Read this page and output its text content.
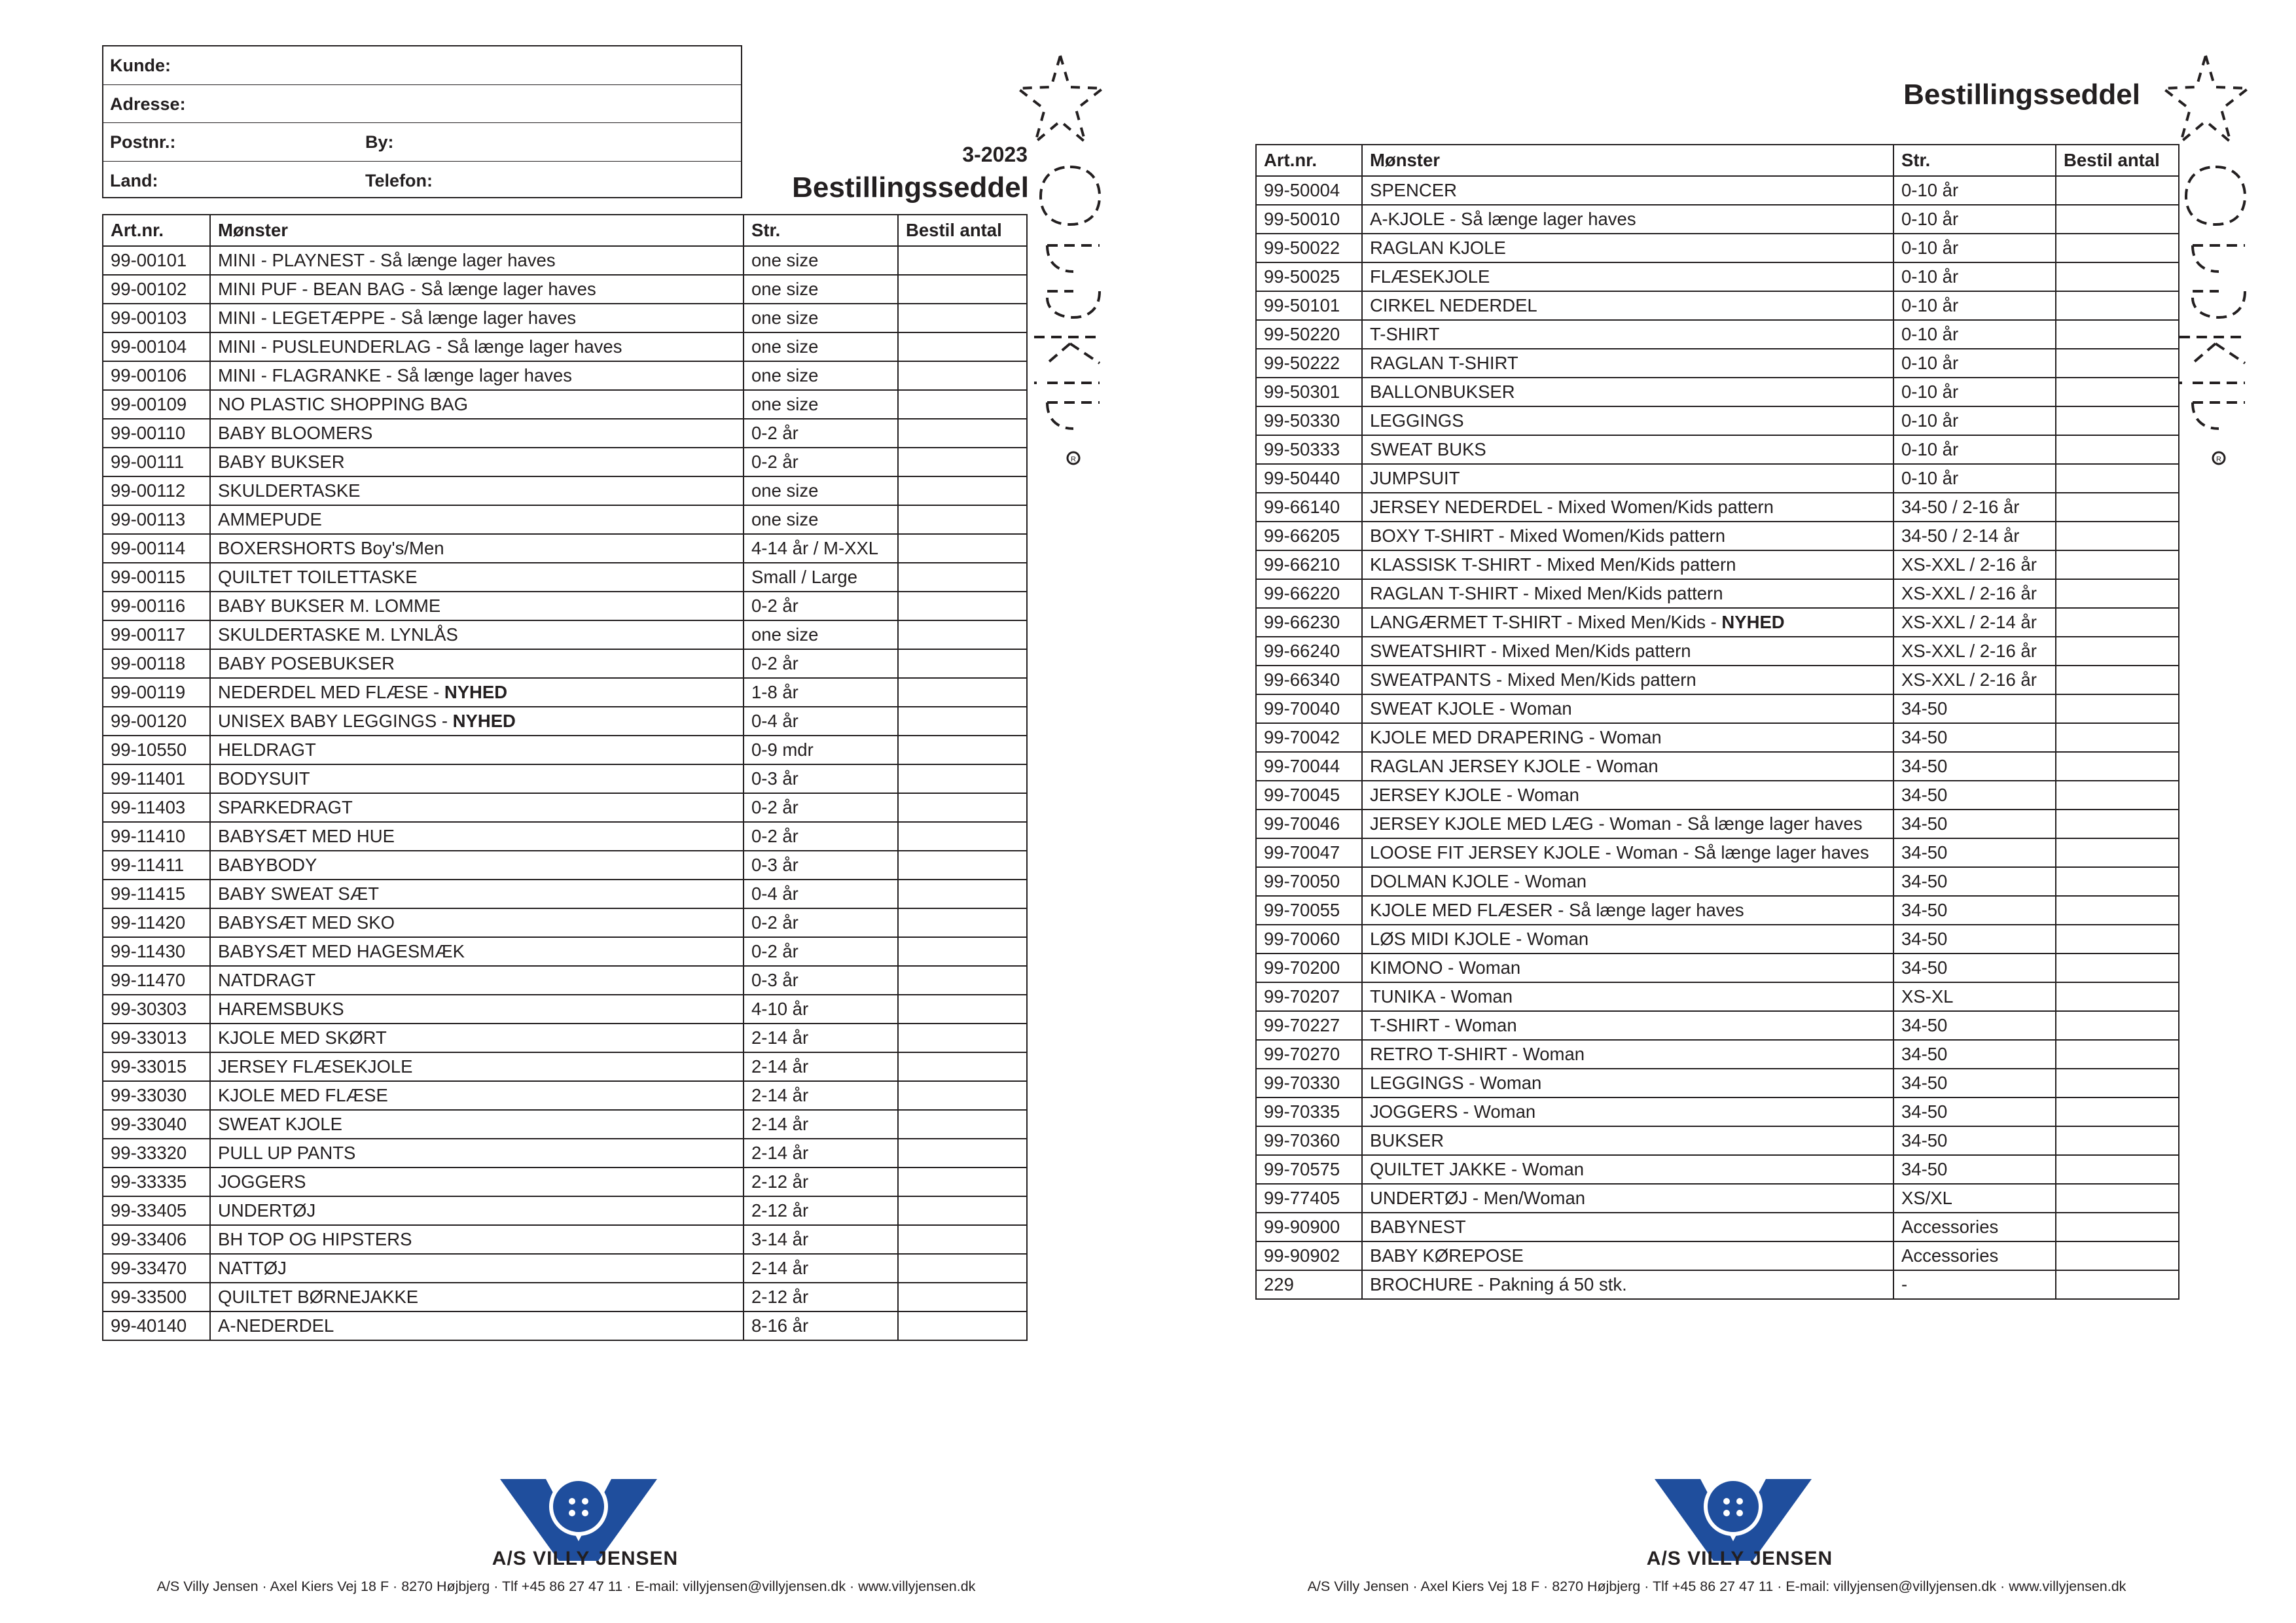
Kunde:
Adresse:
Postnr.:	By:
Land:	Telefon:
3-2023
Bestillingsseddel
R
Art.nr.	Mønster	Str.	Bestil antal
99-00101	MINI - PLAYNEST - Så længe lager haves	one size	
99-00102	MINI PUF - BEAN BAG - Så længe lager haves	one size	
99-00103	MINI - LEGETÆPPE - Så længe lager haves	one size	
99-00104	MINI - PUSLEUNDERLAG - Så længe lager haves	one size	
99-00106	MINI - FLAGRANKE - Så længe lager haves	one size	
99-00109	NO PLASTIC SHOPPING BAG	one size	
99-00110	BABY BLOOMERS	0-2 år	
99-00111	BABY BUKSER	0-2 år	
99-00112	SKULDERTASKE	one size	
99-00113	AMMEPUDE	one size	
99-00114	BOXERSHORTS Boy's/Men	4-14 år / M-XXL	
99-00115	QUILTET TOILETTASKE	Small / Large	
99-00116	BABY BUKSER M. LOMME	0-2 år	
99-00117	SKULDERTASKE M. LYNLÅS	one size	
99-00118	BABY POSEBUKSER	0-2 år	
99-00119	NEDERDEL MED FLÆSE - NYHED	1-8 år	
99-00120	UNISEX BABY LEGGINGS - NYHED	0-4 år	
99-10550	HELDRAGT	0-9 mdr	
99-11401	BODYSUIT	0-3 år	
99-11403	SPARKEDRAGT	0-2 år	
99-11410	BABYSÆT MED HUE	0-2 år	
99-11411	BABYBODY	0-3 år	
99-11415	BABY SWEAT SÆT	0-4 år	
99-11420	BABYSÆT MED SKO	0-2 år	
99-11430	BABYSÆT MED HAGESMÆK	0-2 år	
99-11470	NATDRAGT	0-3 år	
99-30303	HAREMSBUKS	4-10 år	
99-33013	KJOLE MED SKØRT	2-14 år	
99-33015	JERSEY FLÆSEKJOLE	2-14 år	
99-33030	KJOLE MED FLÆSE	2-14 år	
99-33040	SWEAT KJOLE	2-14 år	
99-33320	PULL UP PANTS	2-14 år	
99-33335	JOGGERS	2-12 år	
99-33405	UNDERTØJ	2-12 år	
99-33406	BH TOP OG HIPSTERS	3-14 år	
99-33470	NATTØJ	2-14 år	
99-33500	QUILTET BØRNEJAKKE	2-12 år	
99-40140	A-NEDERDEL	8-16 år	
A/S VILLY JENSEN
A/S Villy Jensen · Axel Kiers Vej 18 F · 8270 Højbjerg · Tlf +45 86 27 47 11 · E-mail: villyjensen@villyjensen.dk · www.villyjensen.dk
Bestillingsseddel
R
Art.nr.	Mønster	Str.	Bestil antal
99-50004	SPENCER	0-10 år	
99-50010	A-KJOLE - Så længe lager haves	0-10 år	
99-50022	RAGLAN KJOLE	0-10 år	
99-50025	FLÆSEKJOLE	0-10 år	
99-50101	CIRKEL NEDERDEL	0-10 år	
99-50220	T-SHIRT	0-10 år	
99-50222	RAGLAN T-SHIRT	0-10 år	
99-50301	BALLONBUKSER	0-10 år	
99-50330	LEGGINGS	0-10 år	
99-50333	SWEAT BUKS	0-10 år	
99-50440	JUMPSUIT	0-10 år	
99-66140	JERSEY NEDERDEL - Mixed Women/Kids pattern	34-50 / 2-16 år	
99-66205	BOXY T-SHIRT - Mixed Women/Kids pattern	34-50 / 2-14 år	
99-66210	KLASSISK T-SHIRT - Mixed Men/Kids pattern	XS-XXL / 2-16 år	
99-66220	RAGLAN T-SHIRT - Mixed Men/Kids pattern	XS-XXL / 2-16 år	
99-66230	LANGÆRMET T-SHIRT - Mixed Men/Kids - NYHED	XS-XXL / 2-14 år	
99-66240	SWEATSHIRT - Mixed Men/Kids pattern	XS-XXL / 2-16 år	
99-66340	SWEATPANTS - Mixed Men/Kids pattern	XS-XXL / 2-16 år	
99-70040	SWEAT KJOLE - Woman	34-50	
99-70042	KJOLE MED DRAPERING - Woman	34-50	
99-70044	RAGLAN JERSEY KJOLE - Woman	34-50	
99-70045	JERSEY KJOLE - Woman	34-50	
99-70046	JERSEY KJOLE MED LÆG - Woman - Så længe lager haves	34-50	
99-70047	LOOSE FIT JERSEY KJOLE - Woman - Så længe lager haves	34-50	
99-70050	DOLMAN KJOLE - Woman	34-50	
99-70055	KJOLE MED FLÆSER - Så længe lager haves	34-50	
99-70060	LØS MIDI KJOLE - Woman	34-50	
99-70200	KIMONO - Woman	34-50	
99-70207	TUNIKA - Woman	XS-XL	
99-70227	T-SHIRT - Woman	34-50	
99-70270	RETRO T-SHIRT - Woman	34-50	
99-70330	LEGGINGS - Woman	34-50	
99-70335	JOGGERS - Woman	34-50	
99-70360	BUKSER	34-50	
99-70575	QUILTET JAKKE - Woman	34-50	
99-77405	UNDERTØJ - Men/Woman	XS/XL	
99-90900	BABYNEST	Accessories	
99-90902	BABY KØREPOSE	Accessories	
229	BROCHURE - Pakning á 50 stk.	-	
A/S VILLY JENSEN
A/S Villy Jensen · Axel Kiers Vej 18 F · 8270 Højbjerg · Tlf +45 86 27 47 11 · E-mail: villyjensen@villyjensen.dk · www.villyjensen.dk
